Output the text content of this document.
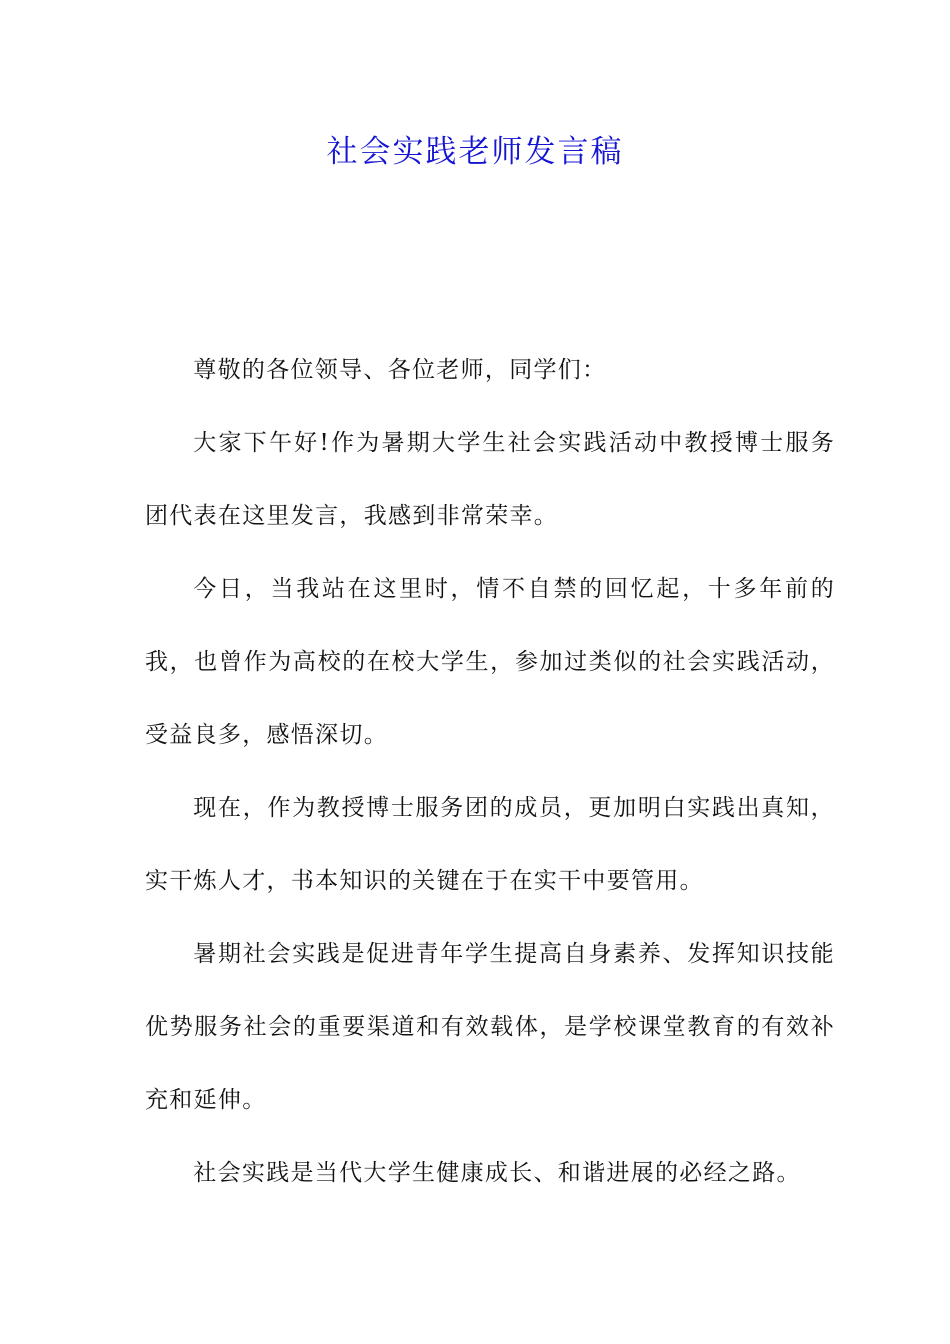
社会实践老师发言稿

尊敬的各位领导、各位老师，同学们：

大家下午好!作为暑期大学生社会实践活动中教授博士服务团代表在这里发言，我感到非常荣幸。

今日，当我站在这里时，情不自禁的回忆起，十多年前的我，也曾作为高校的在校大学生，参加过类似的社会实践活动，受益良多，感悟深切。

现在，作为教授博士服务团的成员，更加明白实践出真知，实干炼人才，书本知识的关键在于在实干中要管用。

暑期社会实践是促进青年学生提高自身素养、发挥知识技能优势服务社会的重要渠道和有效载体，是学校课堂教育的有效补充和延伸。

社会实践是当代大学生健康成长、和谐进展的必经之路。
